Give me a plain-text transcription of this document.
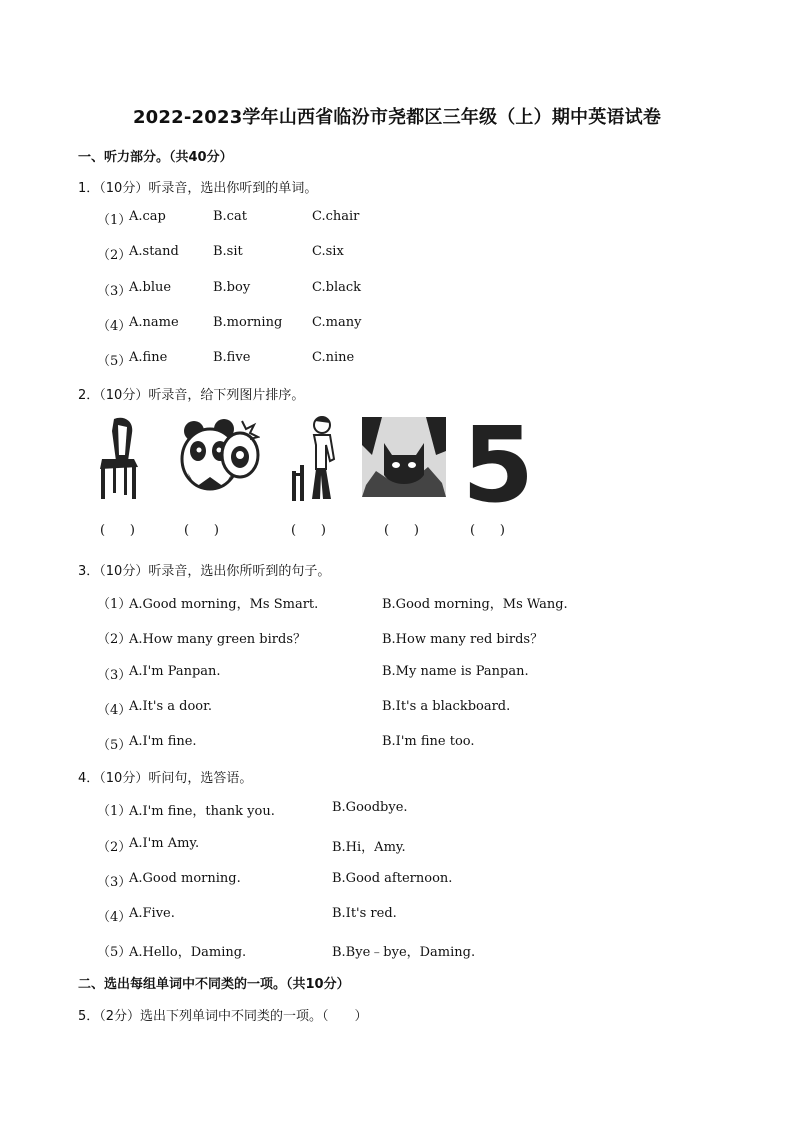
2022-2023学年山西省临汾市尧都区三年级（上）期中英语试卷
一、听力部分。（共40分）
1．（10分）听录音，选出你听到的单词。
（1）
A.cap	B.cat	C.chair
（2）
A.stand	B.sit	C.six
（3）
A.blue	B.boy	C.black
（4）
A.name	B.morning C.many
（5）
A.fine	B.five	C.nine
2．（10分）听录音，给下列图片排序。
5
(      )	(      )	(      )	(      )	(      )
3．（10分）听录音，选出你所听到的句子。
（1）
A.Good morning，Ms Smart.	B.Good morning，Ms Wang.
（2）
A.How many green birds？	B.How many red birds？
（3）
A.I'm Panpan.	B.My name is Panpan.
（4）
A.It's a door.	B.It's a blackboard.
（5）
A.I'm fine.	B.I'm fine too.
4．（10分）听问句，选答语。
（1）
A.I'm fine，thank you.	B.Goodbye.
（2）
A.I'm Amy.	B.Hi，Amy.
（3）
A.Good morning.	B.Good afternoon.
（4）
A.Five.	B.It's red.
（5）
A.Hello，Daming.	B.Bye﹣bye，Daming.
二、选出每组单词中不同类的一项。（共10分）
5．（2分）选出下列单词中不同类的一项。（　　）
